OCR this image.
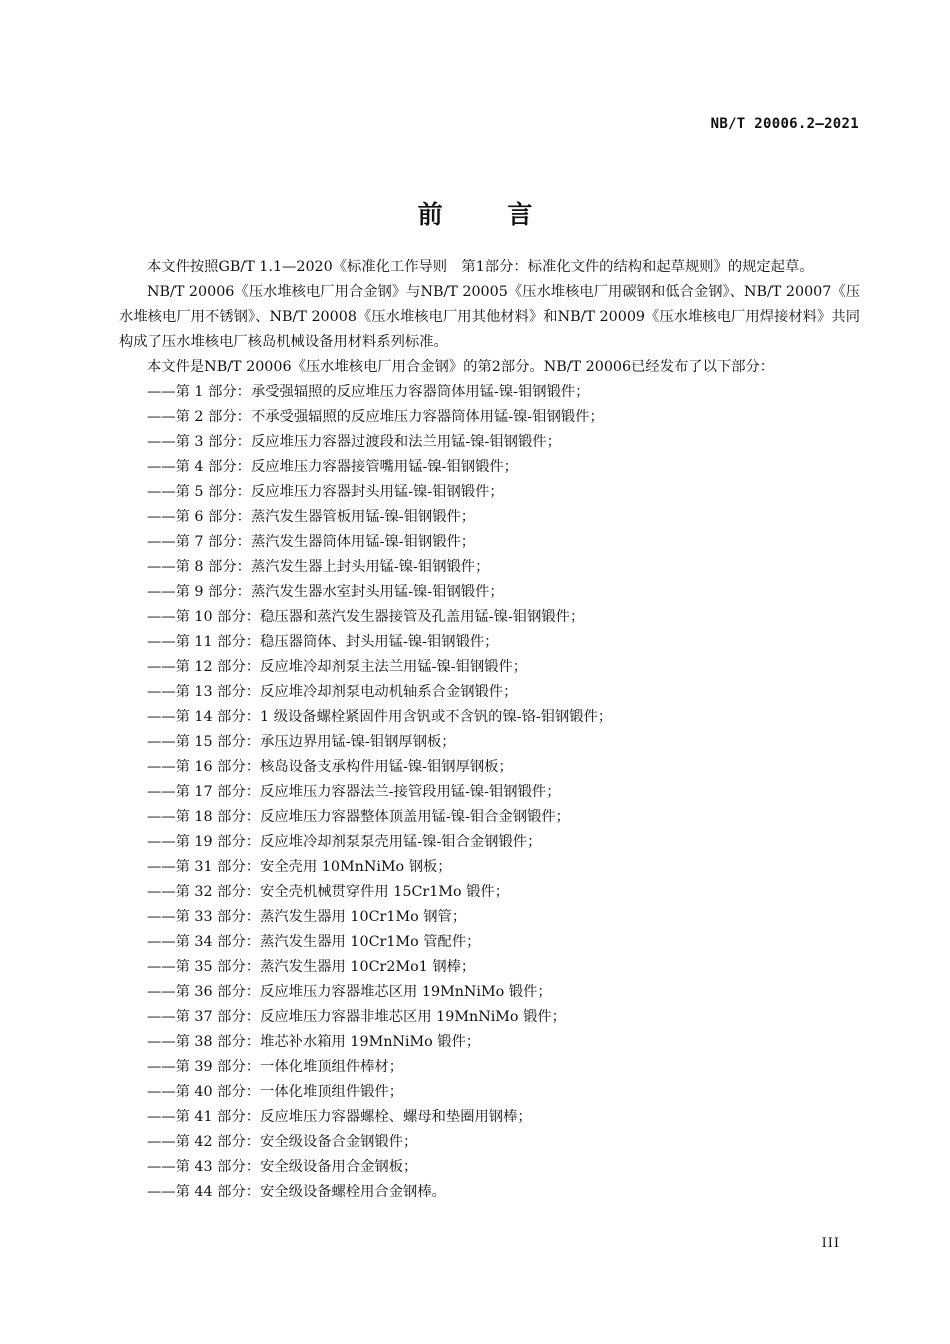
NB/T 20006.2—2021
前 言

本文件按照GB/T 1.1—2020《标准化工作导则　第1部分：标准化文件的结构和起草规则》的规定起草。

NB/T 20006《压水堆核电厂用合金钢》与NB/T 20005《压水堆核电厂用碳钢和低合金钢》、NB/T 20007《压水堆核电厂用不锈钢》、NB/T 20008《压水堆核电厂用其他材料》和NB/T 20009《压水堆核电厂用焊接材料》共同构成了压水堆核电厂核岛机械设备用材料系列标准。

本文件是NB/T 20006《压水堆核电厂用合金钢》的第2部分。NB/T 20006已经发布了以下部分：

——第 1 部分：承受强辐照的反应堆压力容器筒体用锰-镍-钼钢锻件；
——第 2 部分：不承受强辐照的反应堆压力容器筒体用锰-镍-钼钢锻件；
——第 3 部分：反应堆压力容器过渡段和法兰用锰-镍-钼钢锻件；
——第 4 部分：反应堆压力容器接管嘴用锰-镍-钼钢锻件；
——第 5 部分：反应堆压力容器封头用锰-镍-钼钢锻件；
——第 6 部分：蒸汽发生器管板用锰-镍-钼钢锻件；
——第 7 部分：蒸汽发生器筒体用锰-镍-钼钢锻件；
——第 8 部分：蒸汽发生器上封头用锰-镍-钼钢锻件；
——第 9 部分：蒸汽发生器水室封头用锰-镍-钼钢锻件；
——第 10 部分：稳压器和蒸汽发生器接管及孔盖用锰-镍-钼钢锻件；
——第 11 部分：稳压器筒体、封头用锰-镍-钼钢锻件；
——第 12 部分：反应堆冷却剂泵主法兰用锰-镍-钼钢锻件；
——第 13 部分：反应堆冷却剂泵电动机轴系合金钢锻件；
——第 14 部分：1 级设备螺栓紧固件用含钒或不含钒的镍-铬-钼钢锻件；
——第 15 部分：承压边界用锰-镍-钼钢厚钢板；
——第 16 部分：核岛设备支承构件用锰-镍-钼钢厚钢板；
——第 17 部分：反应堆压力容器法兰-接管段用锰-镍-钼钢锻件；
——第 18 部分：反应堆压力容器整体顶盖用锰-镍-钼合金钢锻件；
——第 19 部分：反应堆冷却剂泵泵壳用锰-镍-钼合金钢锻件；
——第 31 部分：安全壳用 10MnNiMo 钢板；
——第 32 部分：安全壳机械贯穿件用 15Cr1Mo 锻件；
——第 33 部分：蒸汽发生器用 10Cr1Mo 钢管；
——第 34 部分：蒸汽发生器用 10Cr1Mo 管配件；
——第 35 部分：蒸汽发生器用 10Cr2Mo1 钢棒；
——第 36 部分：反应堆压力容器堆芯区用 19MnNiMo 锻件；
——第 37 部分：反应堆压力容器非堆芯区用 19MnNiMo 锻件；
——第 38 部分：堆芯补水箱用 19MnNiMo 锻件；
——第 39 部分：一体化堆顶组件棒材；
——第 40 部分：一体化堆顶组件锻件；
——第 41 部分：反应堆压力容器螺栓、螺母和垫圈用钢棒；
——第 42 部分：安全级设备合金钢锻件；
——第 43 部分：安全级设备用合金钢板；
——第 44 部分：安全级设备螺栓用合金钢棒。
III
